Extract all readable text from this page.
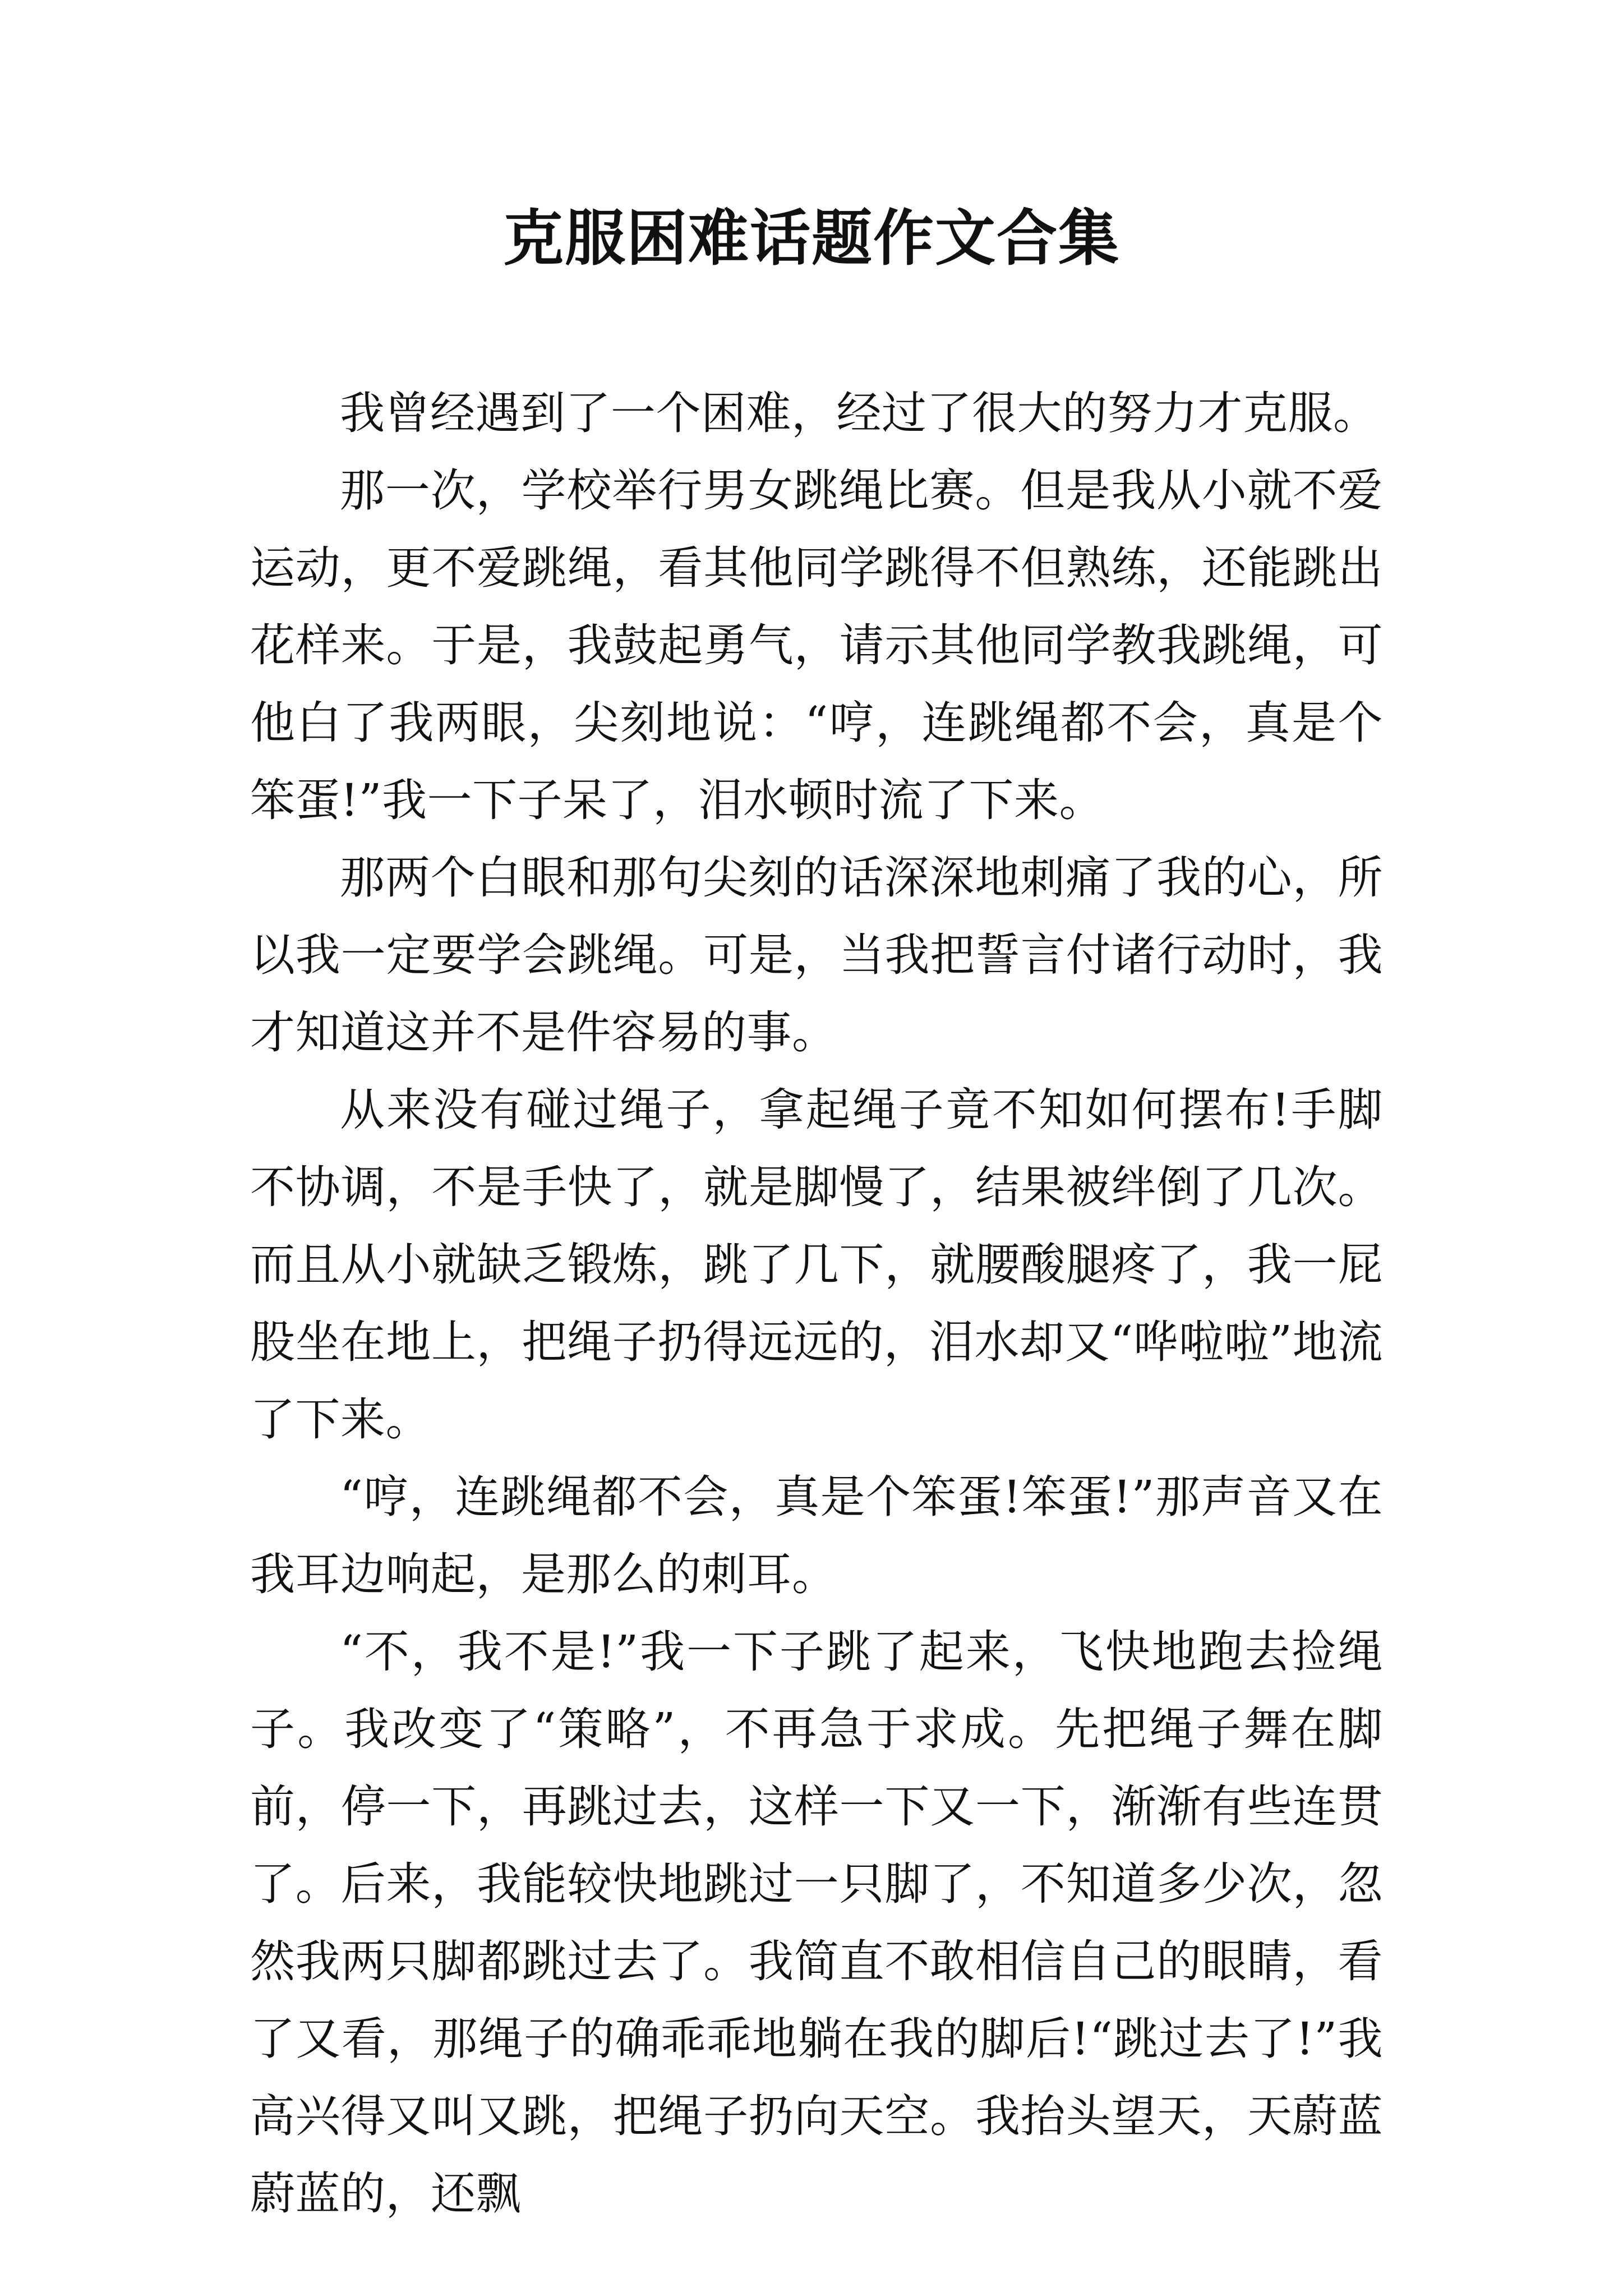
克服困难话题作文合集

我曾经遇到了一个困难，经过了很大的努力才克服。

那一次，学校举行男女跳绳比赛。但是我从小就不爱运动，更不爱跳绳，看其他同学跳得不但熟练，还能跳出花样来。于是，我鼓起勇气，请示其他同学教我跳绳，可他白了我两眼，尖刻地说：“哼，连跳绳都不会，真是个笨蛋!”我一下子呆了，泪水顿时流了下来。

那两个白眼和那句尖刻的话深深地刺痛了我的心，所以我一定要学会跳绳。可是，当我把誓言付诸行动时，我才知道这并不是件容易的事。

从来没有碰过绳子，拿起绳子竟不知如何摆布!手脚不协调，不是手快了，就是脚慢了，结果被绊倒了几次。而且从小就缺乏锻炼，跳了几下，就腰酸腿疼了，我一屁股坐在地上，把绳子扔得远远的，泪水却又“哗啦啦”地流了下来。

“哼，连跳绳都不会，真是个笨蛋!笨蛋!”那声音又在我耳边响起，是那么的刺耳。

“不，我不是!”我一下子跳了起来，飞快地跑去捡绳子。我改变了“策略”，不再急于求成。先把绳子舞在脚前，停一下，再跳过去，这样一下又一下，渐渐有些连贯了。后来，我能较快地跳过一只脚了，不知道多少次，忽然我两只脚都跳过去了。我简直不敢相信自己的眼睛，看了又看，那绳子的确乖乖地躺在我的脚后!“跳过去了!”我高兴得又叫又跳，把绳子扔向天空。我抬头望天，天蔚蓝蔚蓝的，还飘
